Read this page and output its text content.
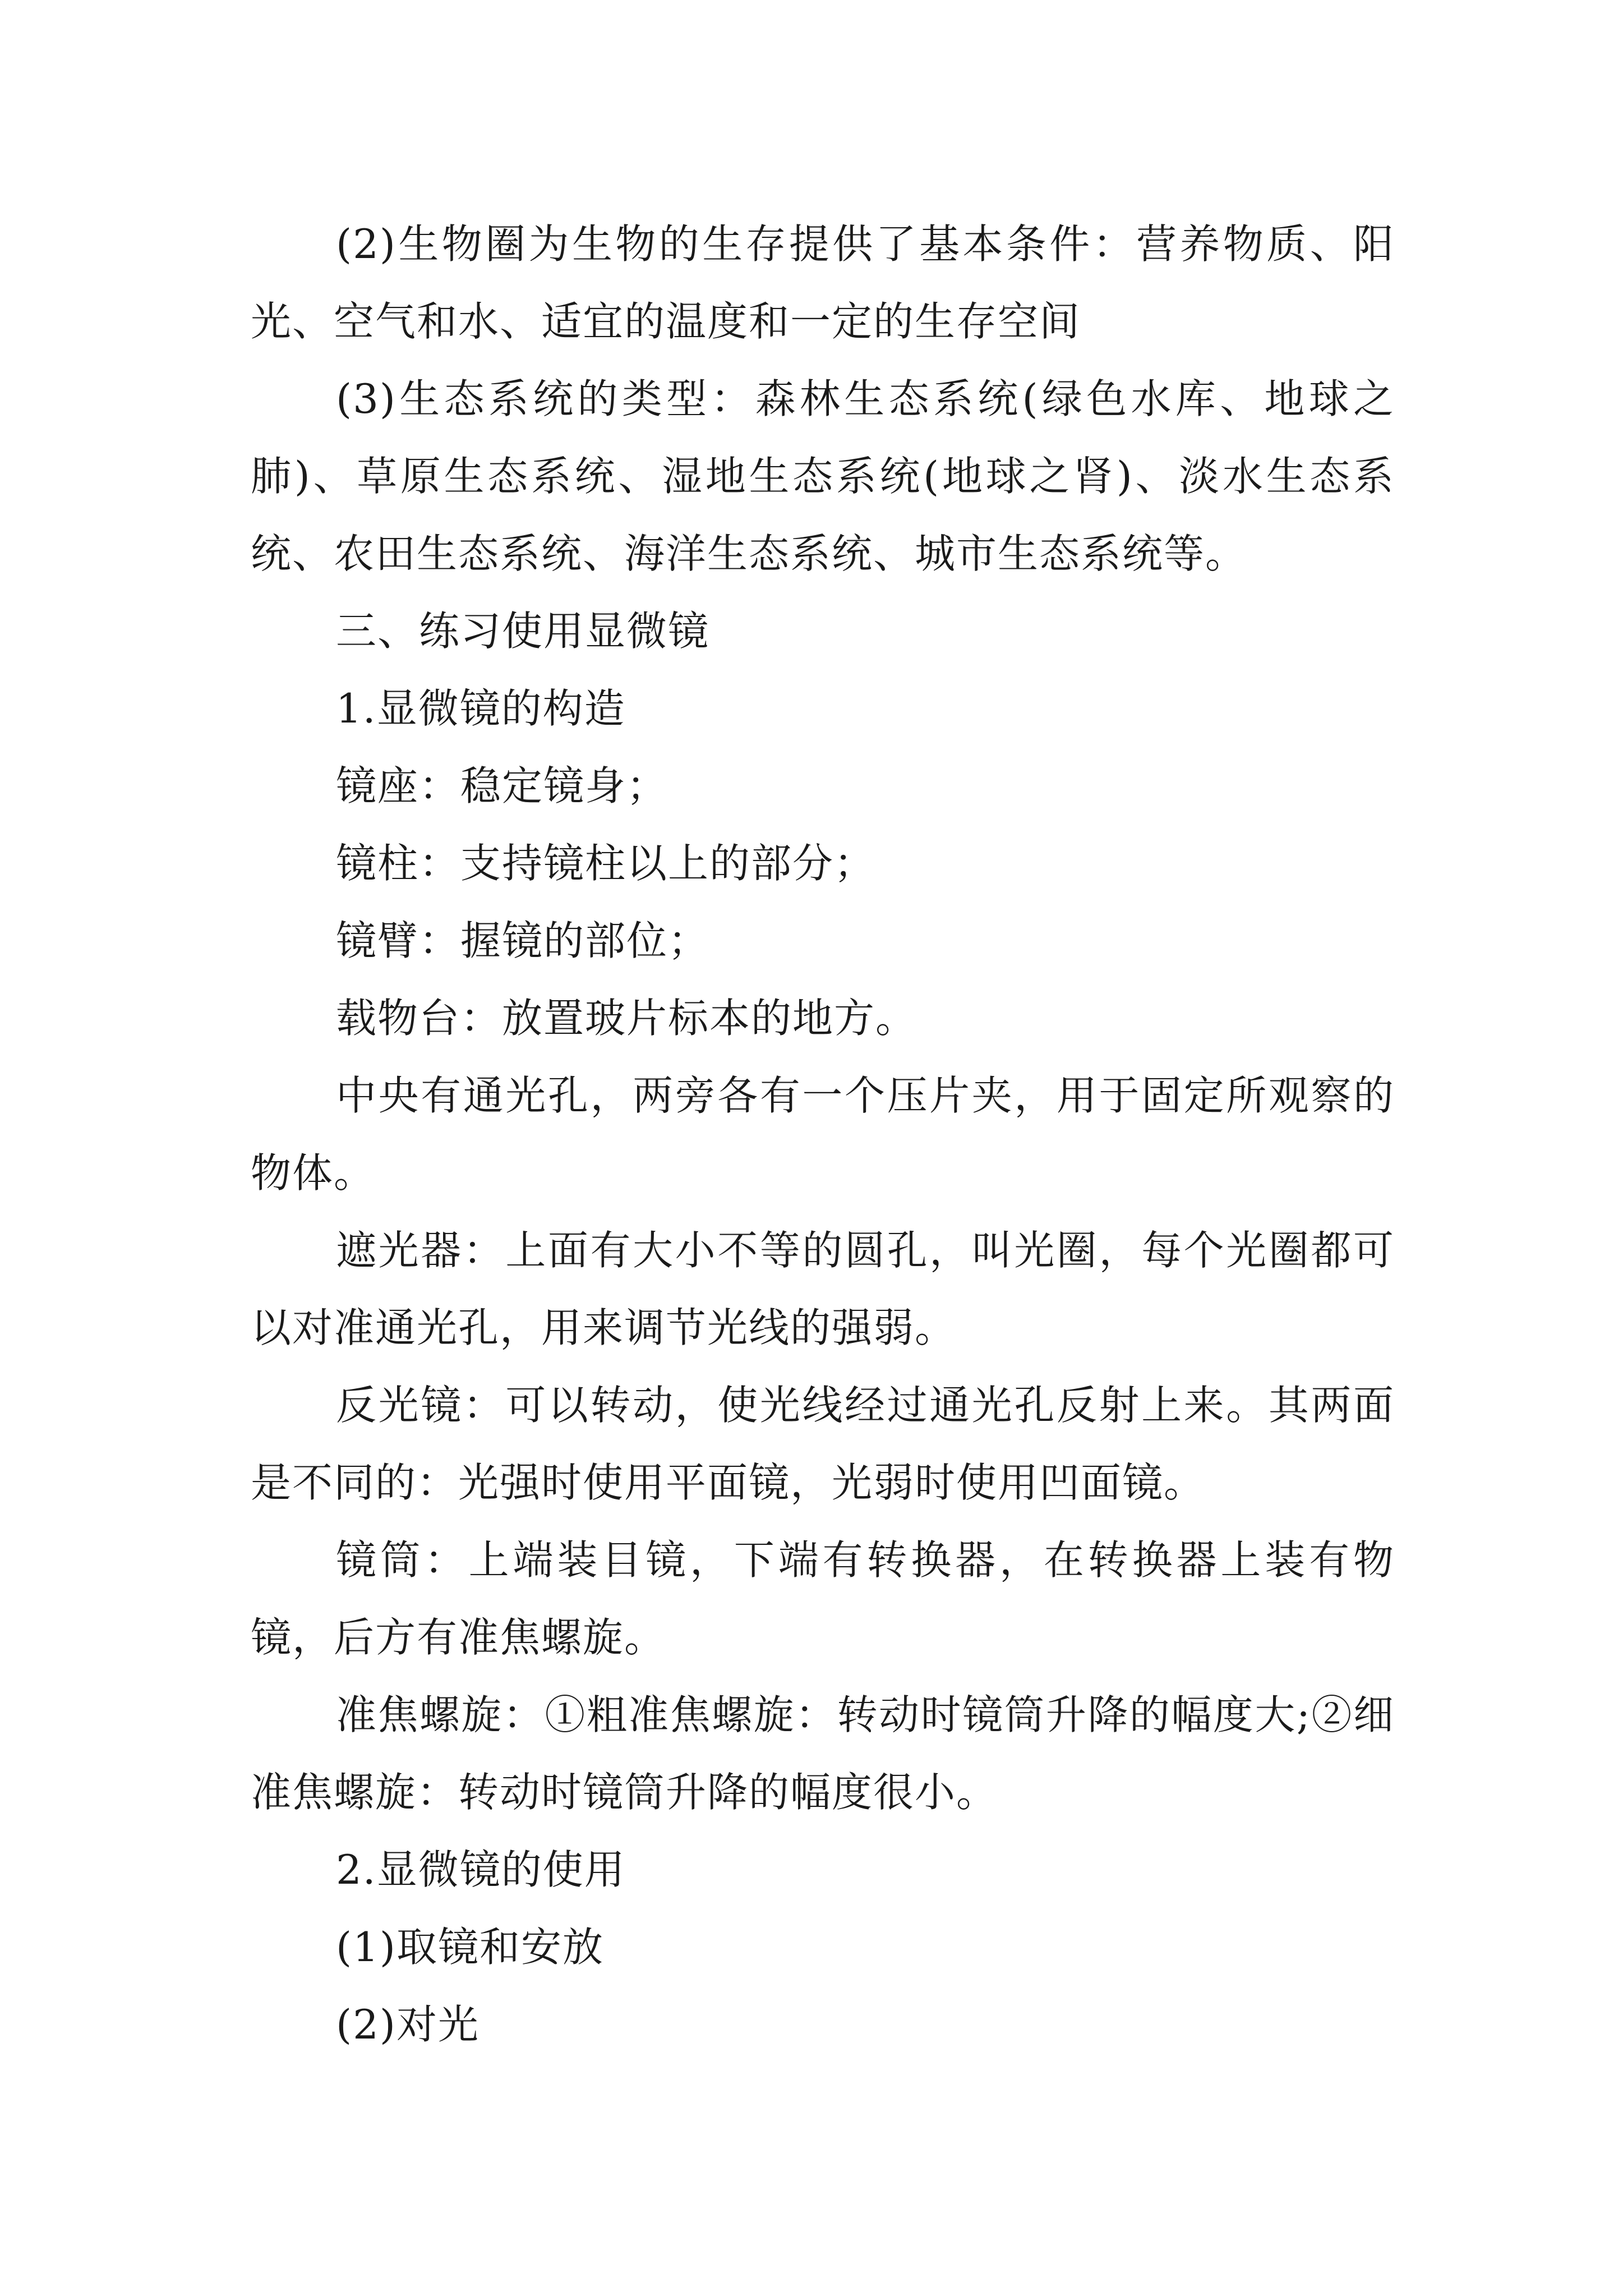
(2)生物圈为生物的生存提供了基本条件：营养物质、阳光、空气和水、适宜的温度和一定的生存空间

(3)生态系统的类型：森林生态系统(绿色水库、地球之肺)、草原生态系统、湿地生态系统(地球之肾)、淡水生态系统、农田生态系统、海洋生态系统、城市生态系统等。

三、练习使用显微镜

1.显微镜的构造

镜座：稳定镜身；

镜柱：支持镜柱以上的部分；

镜臂：握镜的部位；

载物台：放置玻片标本的地方。

中央有通光孔，两旁各有一个压片夹，用于固定所观察的物体。

遮光器：上面有大小不等的圆孔，叫光圈，每个光圈都可以对准通光孔，用来调节光线的强弱。

反光镜：可以转动，使光线经过通光孔反射上来。其两面是不同的：光强时使用平面镜，光弱时使用凹面镜。

镜筒：上端装目镜，下端有转换器，在转换器上装有物镜，后方有准焦螺旋。

准焦螺旋：①粗准焦螺旋：转动时镜筒升降的幅度大;②细准焦螺旋：转动时镜筒升降的幅度很小。

2.显微镜的使用

(1)取镜和安放

(2)对光
